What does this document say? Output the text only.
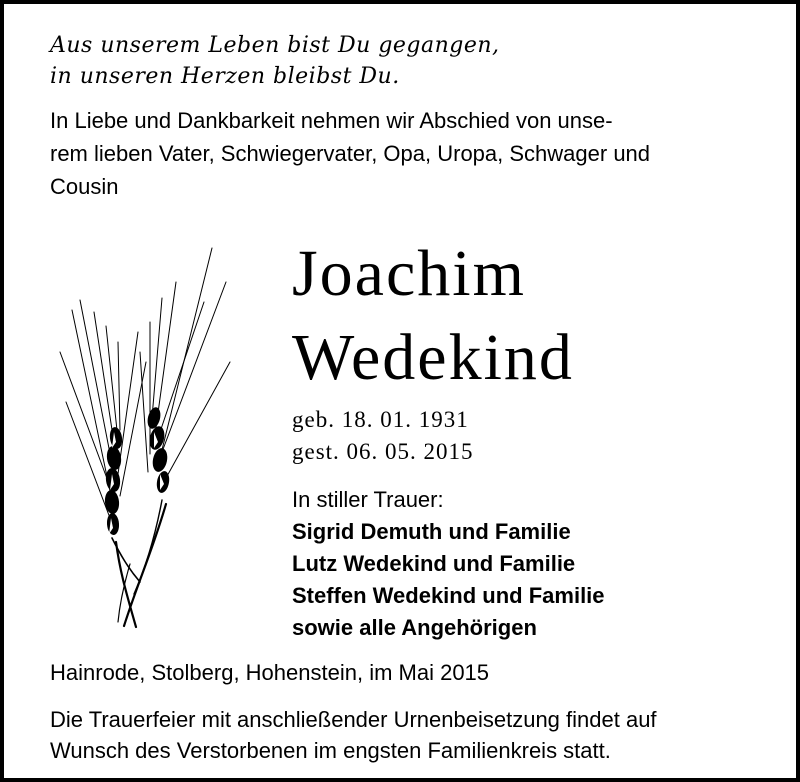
Aus unserem Leben bist Du gegangen,
in unseren Herzen bleibst Du.
In Liebe und Dankbarkeit nehmen wir Abschied von unse-
rem lieben Vater, Schwiegervater, Opa, Uropa, Schwager und
Cousin
Joachim
Wedekind
geb. 18. 01. 1931
gest. 06. 05. 2015
In stiller Trauer:
Sigrid Demuth und Familie
Lutz Wedekind und Familie
Steffen Wedekind und Familie
sowie alle Angehörigen
Hainrode, Stolberg, Hohenstein, im Mai 2015
Die Trauerfeier mit anschließender Urnenbeisetzung findet auf
Wunsch des Verstorbenen im engsten Familienkreis statt.
